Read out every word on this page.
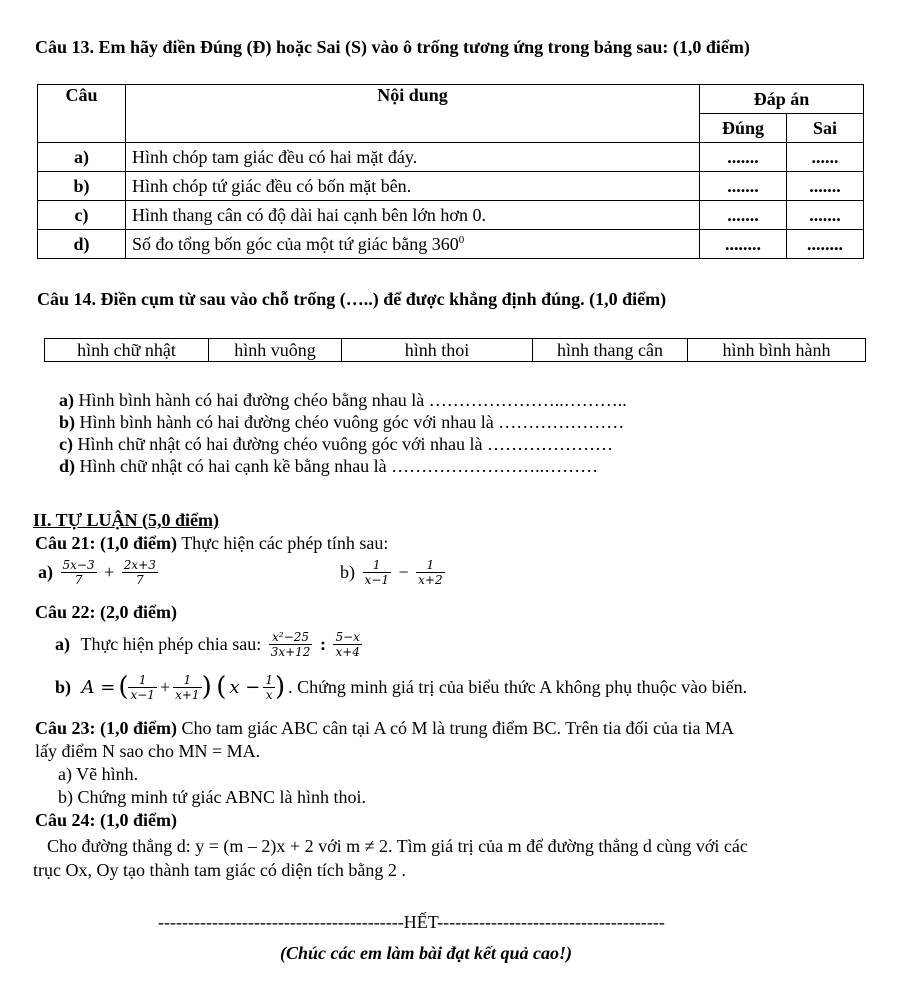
Câu 13. Em hãy điền Đúng (Đ) hoặc Sai (S) vào ô trống tương ứng trong bảng sau: (1,0 điểm)
Câu	Nội dung	Đáp án	
		Đúng	Sai
a)	Hình chóp tam giác đều có hai mặt đáy.	.......	......
b)	Hình chóp tứ giác đều có bốn mặt bên.	.......	.......
c)	Hình thang cân có độ dài hai cạnh bên lớn hơn 0.	.......	.......
d)	Số đo tổng bốn góc của một tứ giác bằng $360^0$	........	........
Câu 14. Điền cụm từ sau vào chỗ trống (…..) để được khẳng định đúng. (1,0 điểm)
hình chữ nhật	hình vuông	hình thoi	hình thang cân	hình bình hành
a) Hình bình hành có hai đường chéo bằng nhau là …………………..………..
b) Hình bình hành có hai đường chéo vuông góc với nhau là …………………
c) Hình chữ nhật có hai đường chéo vuông góc với nhau là …………………
d) Hình chữ nhật có hai cạnh kề bằng nhau là ……………………..………
II. TỰ LUẬN (5,0 điểm)
Câu 21: (1,0 điểm) Thực hiện các phép tính sau:
$a) \frac{5x-3}{7} + \frac{2x+3}{7}$	$b) \frac{1}{x-1} - \frac{1}{x+2}$
Câu 22: (2,0 điểm)
a) Thực hiện phép chia sau: $\frac{\text{x²−25}}{3x+12}$ : $\frac{5-x}{x+4}$
b) A = ( $\frac{1}{x-1} + \frac{1}{x+1}$ ) ( $x - \frac{1}{x}$ ) . Chứng minh giá trị của biểu thức A không phụ thuộc vào biến.
Câu 23: (1,0 điểm) Cho tam giác ABC cân tại A có M là trung điểm BC. Trên tia đối của tia MA
lấy điểm N sao cho MN = MA.
a) Vẽ hình.
b) Chứng minh tứ giác ABNC là hình thoi.
Câu 24: (1,0 điểm)
Cho đường thẳng d: y = (m – 2)x + 2 với m ≠ 2. Tìm giá trị của m để đường thẳng d cùng với các
trục Ox, Oy tạo thành tam giác có diện tích bằng 2 .
-----------------------------------------HẾT--------------------------------------
(Chúc các em làm bài đạt kết quả cao!)
